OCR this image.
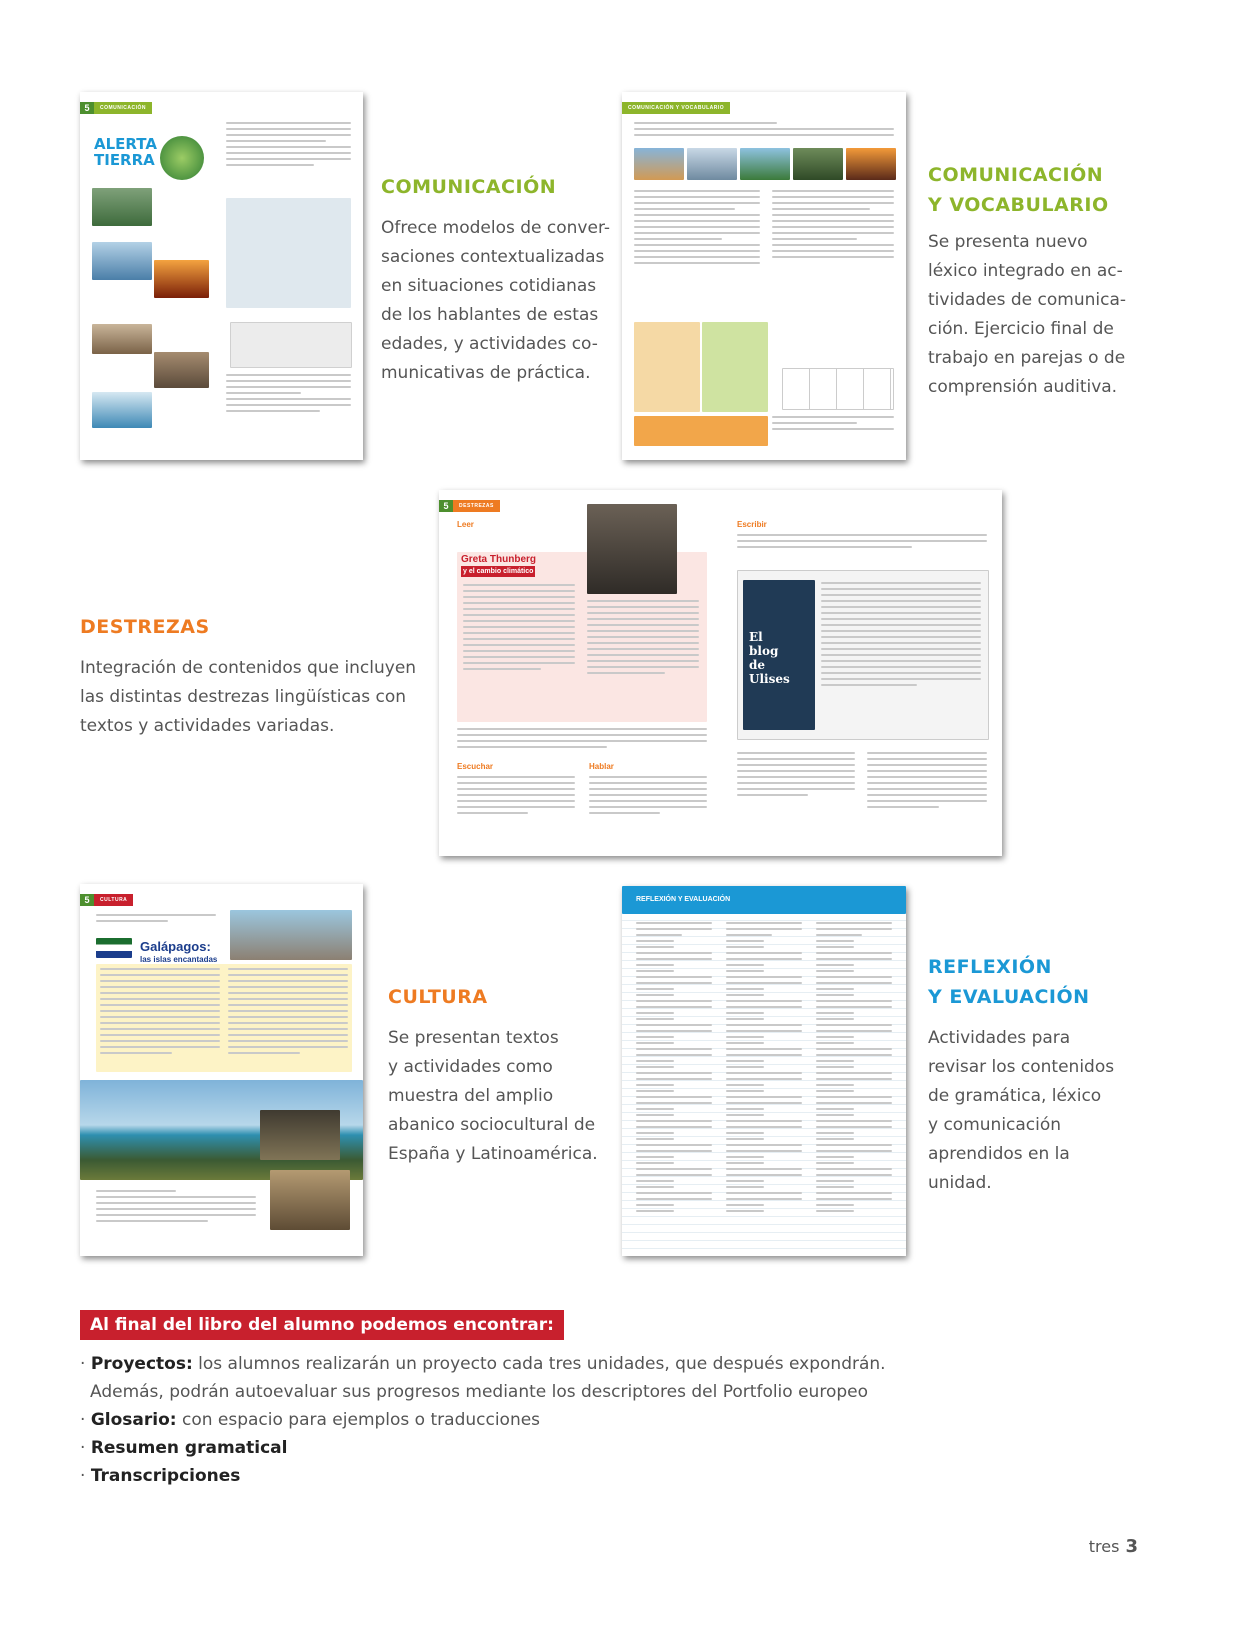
5	COMUNICACIÓN
ALERTA
TIERRA
COMUNICACIÓN Y VOCABULARIO
5	DESTREZAS
Leer
Greta Thunberg
y el cambio climático
Escuchar	Hablar
Escribir
El
blog
de
Ulises
5	CULTURA
Galápagos:
las islas encantadas
REFLEXIÓN Y EVALUACIÓN
COMUNICACIÓN
Ofrece modelos de conver-
saciones contextualizadas
en situaciones cotidianas
de los hablantes de estas
edades, y actividades co-
municativas de práctica.
COMUNICACIÓN
Y VOCABULARIO
Se presenta nuevo
léxico integrado en ac-
tividades de comunica-
ción. Ejercicio final de
trabajo en parejas o de
comprensión auditiva.
DESTREZAS
Integración de contenidos que incluyen
las distintas destrezas lingüísticas con
textos y actividades variadas.
CULTURA
Se presentan textos
y actividades como
muestra del amplio
abanico sociocultural de
España y Latinoamérica.
REFLEXIÓN
Y EVALUACIÓN
Actividades para
revisar los contenidos
de gramática, léxico
y comunicación
aprendidos en la
unidad.
Al final del libro del alumno podemos encontrar:
· Proyectos: los alumnos realizarán un proyecto cada tres unidades, que después expondrán.
Además, podrán autoevaluar sus progresos mediante los descriptores del Portfolio europeo
· Glosario: con espacio para ejemplos o traducciones
· Resumen gramatical
· Transcripciones
tres 3
